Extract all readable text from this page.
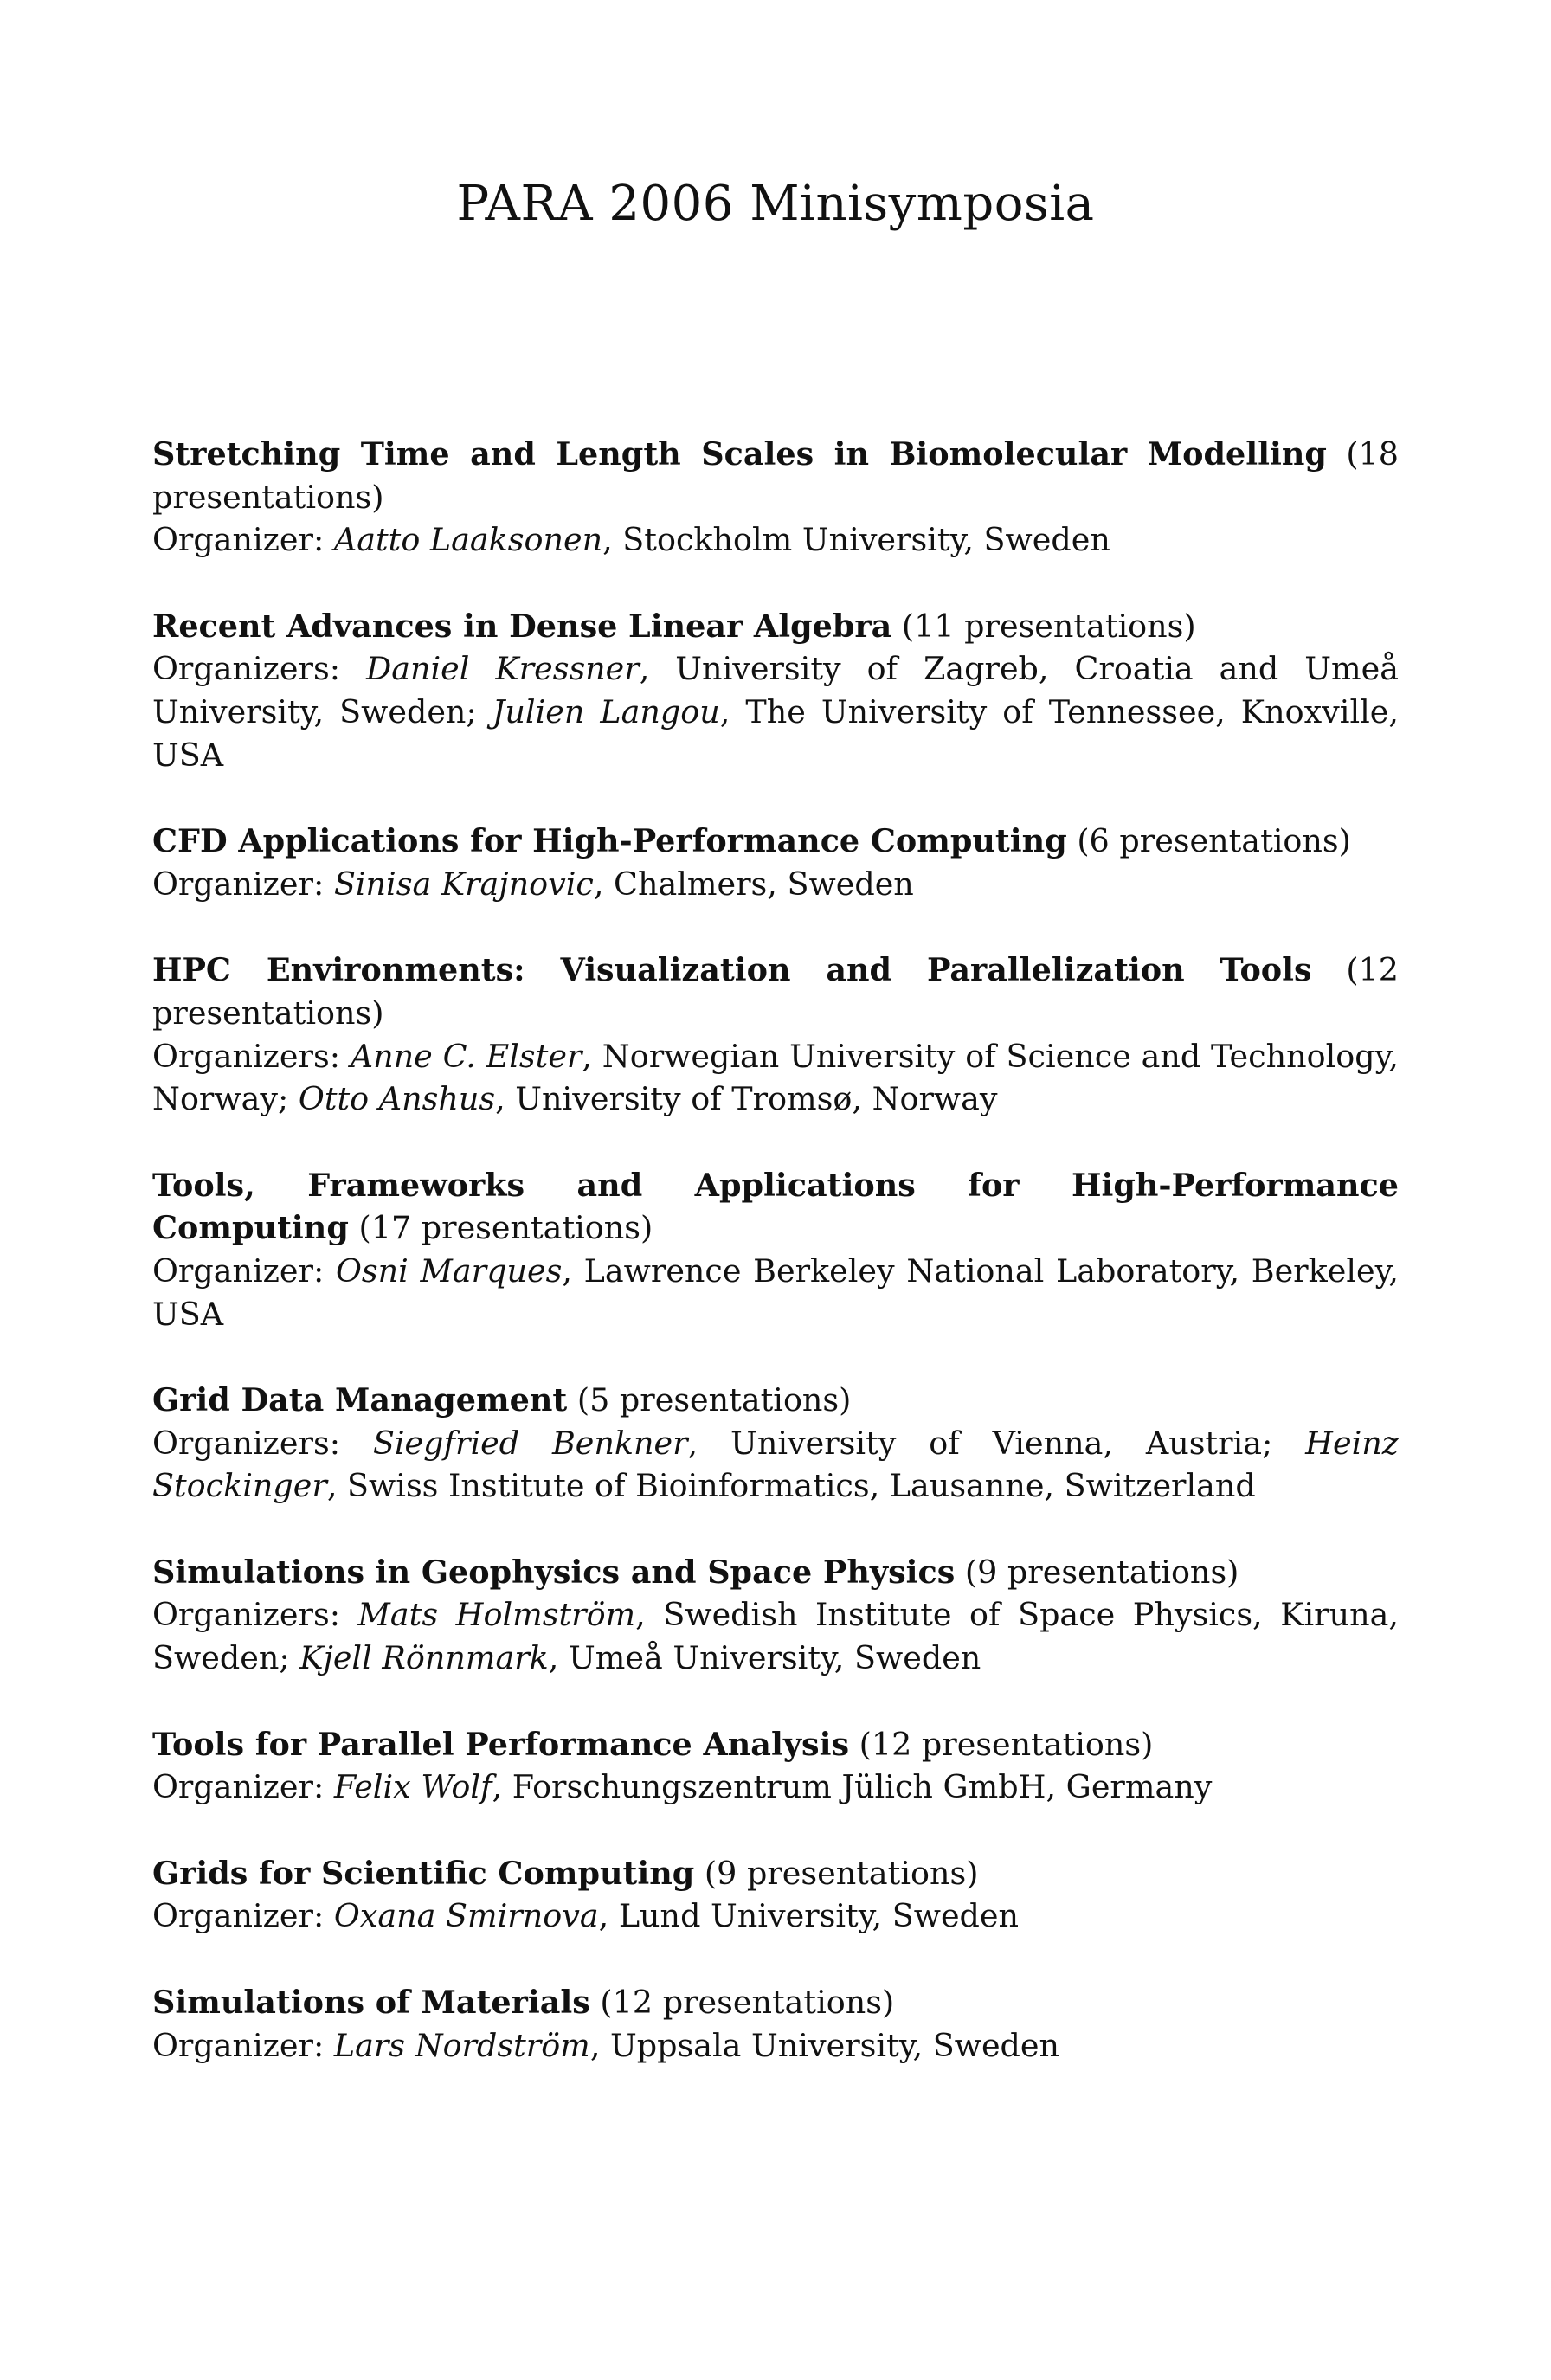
PARA 2006 Minisymposia
Stretching Time and Length Scales in Biomolecular Modelling (18 presentations)
Organizer: Aatto Laaksonen, Stockholm University, Sweden
Recent Advances in Dense Linear Algebra (11 presentations)
Organizers: Daniel Kressner, University of Zagreb, Croatia and Umeå University, Sweden; Julien Langou, The University of Tennessee, Knoxville, USA
CFD Applications for High-Performance Computing (6 presentations)
Organizer: Sinisa Krajnovic, Chalmers, Sweden
HPC Environments: Visualization and Parallelization Tools (12 presentations)
Organizers: Anne C. Elster, Norwegian University of Science and Technology, Norway; Otto Anshus, University of Tromsø, Norway
Tools, Frameworks and Applications for High-Performance Computing (17 presentations)
Organizer: Osni Marques, Lawrence Berkeley National Laboratory, Berkeley, USA
Grid Data Management (5 presentations)
Organizers: Siegfried Benkner, University of Vienna, Austria; Heinz Stockinger, Swiss Institute of Bioinformatics, Lausanne, Switzerland
Simulations in Geophysics and Space Physics (9 presentations)
Organizers: Mats Holmström, Swedish Institute of Space Physics, Kiruna, Sweden; Kjell Rönnmark, Umeå University, Sweden
Tools for Parallel Performance Analysis (12 presentations)
Organizer: Felix Wolf, Forschungszentrum Jülich GmbH, Germany
Grids for Scientific Computing (9 presentations)
Organizer: Oxana Smirnova, Lund University, Sweden
Simulations of Materials (12 presentations)
Organizer: Lars Nordström, Uppsala University, Sweden
